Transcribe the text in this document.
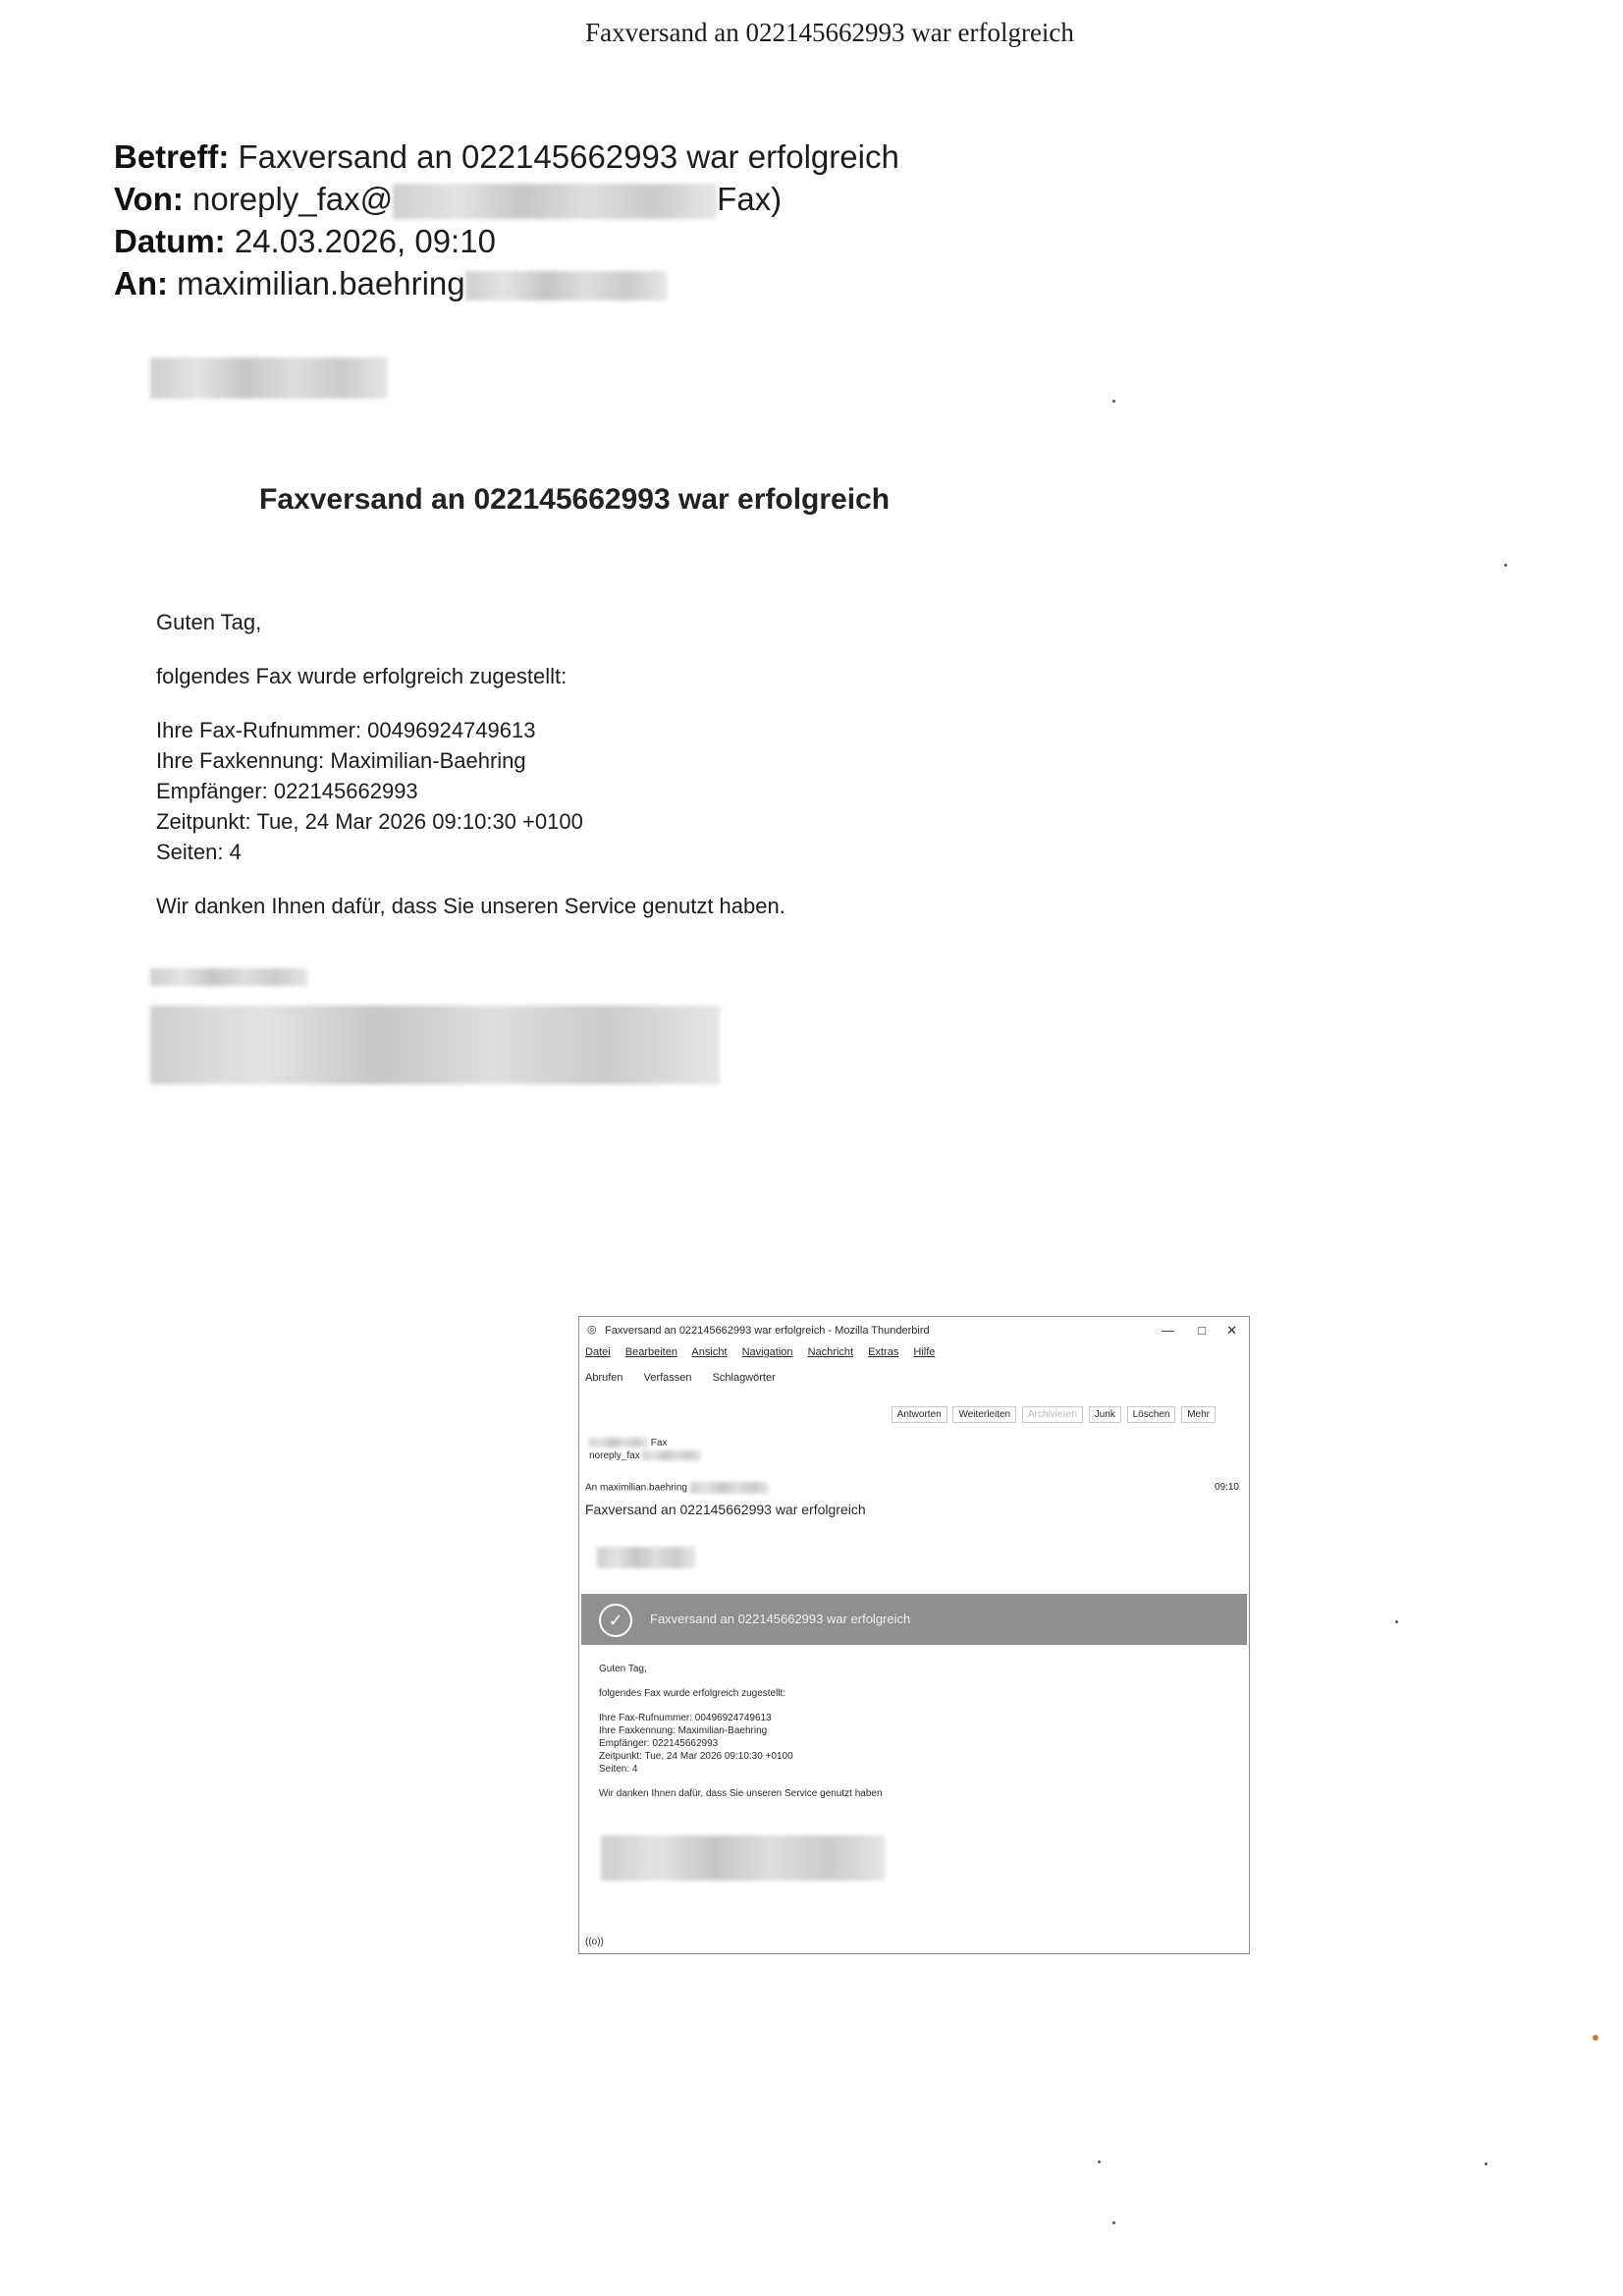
Faxversand an 022145662993 war erfolgreich
Betreff: Faxversand an 022145662993 war erfolgreich
Von: noreply_fax@	Fax)
Datum: 24.03.2026, 09:10
An: maximilian.baehring
Faxversand an 022145662993 war erfolgreich

Guten Tag,

folgendes Fax wurde erfolgreich zugestellt:

Ihre Fax-Rufnummer: 00496924749613
Ihre Faxkennung: Maximilian-Baehring
Empfänger: 022145662993
Zeitpunkt: Tue, 24 Mar 2026 09:10:30 +0100
Seiten: 4

Wir danken Ihnen dafür, dass Sie unseren Service genutzt haben.

◎ Faxversand an 022145662993 war erfolgreich - Mozilla Thunderbird	— □ ✕
Datei Bearbeiten Ansicht Navigation Nachricht Extras Hilfe
Abrufen Verfassen Schlagwörter
Antworten Weiterleiten Archivieren Junk Löschen Mehr
Fax
noreply_fax
An maximilian.baehring	09:10
Faxversand an 022145662993 war erfolgreich
✓	Faxversand an 022145662993 war erfolgreich

Guten Tag,

folgendes Fax wurde erfolgreich zugestellt:

Ihre Fax-Rufnummer: 00496924749613
Ihre Faxkennung: Maximilian-Baehring
Empfänger: 022145662993
Zeitpunkt: Tue, 24 Mar 2026 09:10:30 +0100
Seiten: 4

Wir danken Ihnen dafür, dass Sie unseren Service genutzt haben

((o))
